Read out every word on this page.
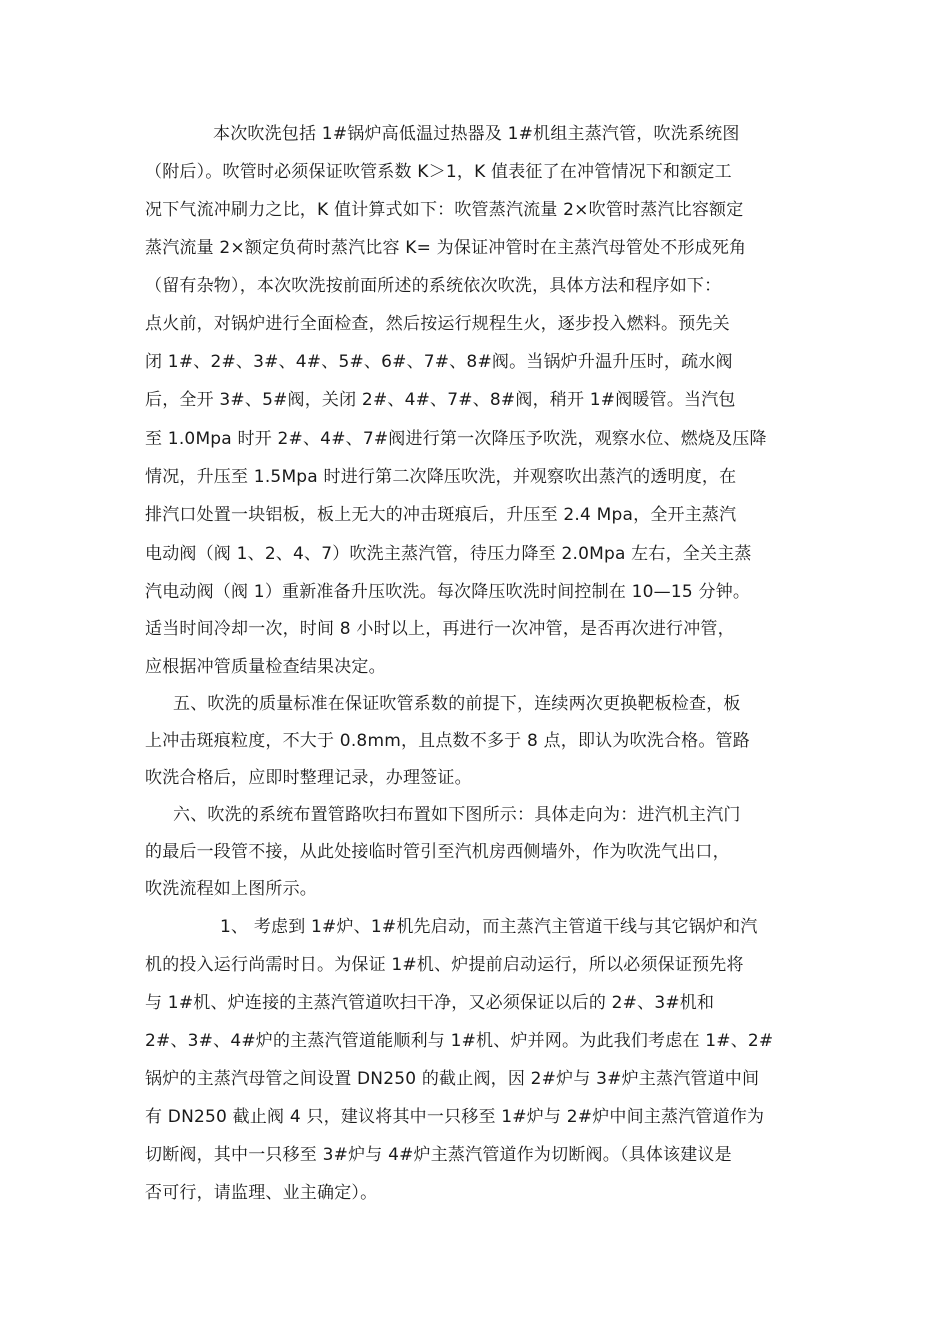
本次吹洗包括 1#锅炉高低温过热器及 1#机组主蒸汽管，吹洗系统图
（附后）。吹管时必须保证吹管系数 K＞1，K 值表征了在冲管情况下和额定工
况下气流冲刷力之比，K 值计算式如下：吹管蒸汽流量 2×吹管时蒸汽比容额定
蒸汽流量 2×额定负荷时蒸汽比容 K= 为保证冲管时在主蒸汽母管处不形成死角
（留有杂物），本次吹洗按前面所述的系统依次吹洗，具体方法和程序如下：
点火前，对锅炉进行全面检查，然后按运行规程生火，逐步投入燃料。预先关
闭 1#、2#、3#、4#、5#、6#、7#、8#阀。当锅炉升温升压时，疏水阀
后，全开 3#、5#阀，关闭 2#、4#、7#、8#阀，稍开 1#阀暖管。当汽包
至 1.0Mpa 时开 2#、4#、7#阀进行第一次降压予吹洗，观察水位、燃烧及压降
情况，升压至 1.5Mpa 时进行第二次降压吹洗，并观察吹出蒸汽的透明度，在
排汽口处置一块铝板，板上无大的冲击斑痕后，升压至 2.4 Mpa，全开主蒸汽
电动阀（阀 1、2、4、7）吹洗主蒸汽管，待压力降至 2.0Mpa 左右，全关主蒸
汽电动阀（阀 1）重新准备升压吹洗。每次降压吹洗时间控制在 10—15 分钟。
适当时间冷却一次，时间 8 小时以上，再进行一次冲管，是否再次进行冲管，
应根据冲管质量检查结果决定。
五、吹洗的质量标准在保证吹管系数的前提下，连续两次更换靶板检查，板
上冲击斑痕粒度，不大于 0.8mm，且点数不多于 8 点，即认为吹洗合格。管路
吹洗合格后，应即时整理记录，办理签证。
六、吹洗的系统布置管路吹扫布置如下图所示：具体走向为：进汽机主汽门
的最后一段管不接，从此处接临时管引至汽机房西侧墙外，作为吹洗气出口，
吹洗流程如上图所示。
1、 考虑到 1#炉、1#机先启动，而主蒸汽主管道干线与其它锅炉和汽
机的投入运行尚需时日。为保证 1#机、炉提前启动运行，所以必须保证预先将
与 1#机、炉连接的主蒸汽管道吹扫干净，又必须保证以后的 2#、3#机和
2#、3#、4#炉的主蒸汽管道能顺利与 1#机、炉并网。为此我们考虑在 1#、2#
锅炉的主蒸汽母管之间设置 DN250 的截止阀，因 2#炉与 3#炉主蒸汽管道中间
有 DN250 截止阀 4 只，建议将其中一只移至 1#炉与 2#炉中间主蒸汽管道作为
切断阀，其中一只移至 3#炉与 4#炉主蒸汽管道作为切断阀。（具体该建议是
否可行，请监理、业主确定）。
